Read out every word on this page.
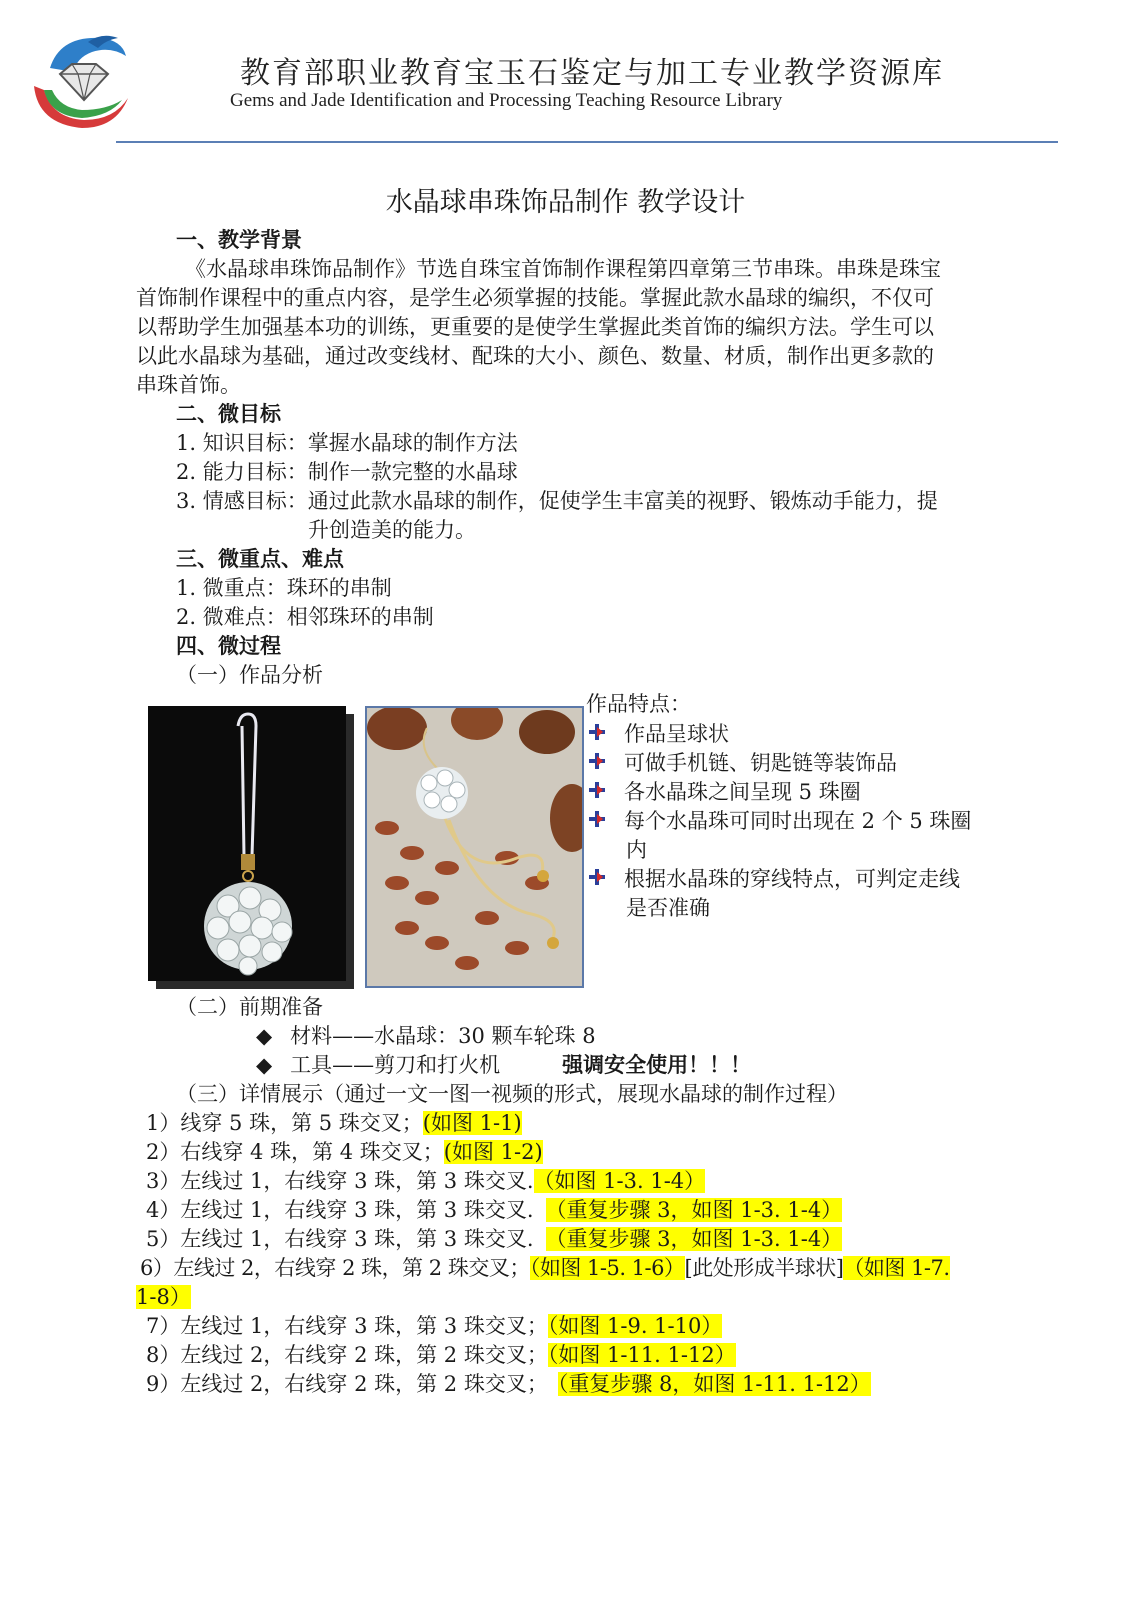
教育部职业教育宝玉石鉴定与加工专业教学资源库
Gems and Jade Identification and Processing Teaching Resource Library
水晶球串珠饰品制作 教学设计
一、教学背景
《水晶球串珠饰品制作》节选自珠宝首饰制作课程第四章第三节串珠。串珠是珠宝
首饰制作课程中的重点内容，是学生必须掌握的技能。掌握此款水晶球的编织，不仅可
以帮助学生加强基本功的训练，更重要的是使学生掌握此类首饰的编织方法。学生可以
以此水晶球为基础，通过改变线材、配珠的大小、颜色、数量、材质，制作出更多款的
串珠首饰。
二、微目标
1. 知识目标：掌握水晶球的制作方法
2. 能力目标：制作一款完整的水晶球
3. 情感目标：通过此款水晶球的制作，促使学生丰富美的视野、锻炼动手能力，提
升创造美的能力。
三、微重点、难点
1. 微重点：珠环的串制
2. 微难点：相邻珠环的串制
四、微过程
（一）作品分析
作品特点：
作品呈球状
可做手机链、钥匙链等装饰品
各水晶珠之间呈现 5 珠圈
每个水晶珠可同时出现在 2 个 5 珠圈
内
根据水晶珠的穿线特点，可判定走线
是否准确
（二）前期准备
◆ 材料——水晶球：30 颗车轮珠 8
◆ 工具——剪刀和打火机	强调安全使用！！！
（三）详情展示（通过一文一图一视频的形式，展现水晶球的制作过程）
1）线穿 5 珠，第 5 珠交叉；(如图 1-1)
2）右线穿 4 珠，第 4 珠交叉；(如图 1-2)
3）左线过 1，右线穿 3 珠，第 3 珠交叉.（如图 1-3. 1-4）
4）左线过 1，右线穿 3 珠，第 3 珠交叉. （重复步骤 3，如图 1-3. 1-4）
5）左线过 1，右线穿 3 珠，第 3 珠交叉. （重复步骤 3，如图 1-3. 1-4）
6）左线过 2，右线穿 2 珠，第 2 珠交叉；（如图 1-5. 1-6）[此处形成半球状]（如图 1-7.
1-8）
7）左线过 1，右线穿 3 珠，第 3 珠交叉；（如图 1-9. 1-10）
8）左线过 2，右线穿 2 珠，第 2 珠交叉；（如图 1-11. 1-12）
9）左线过 2，右线穿 2 珠，第 2 珠交叉； （重复步骤 8，如图 1-11. 1-12）
